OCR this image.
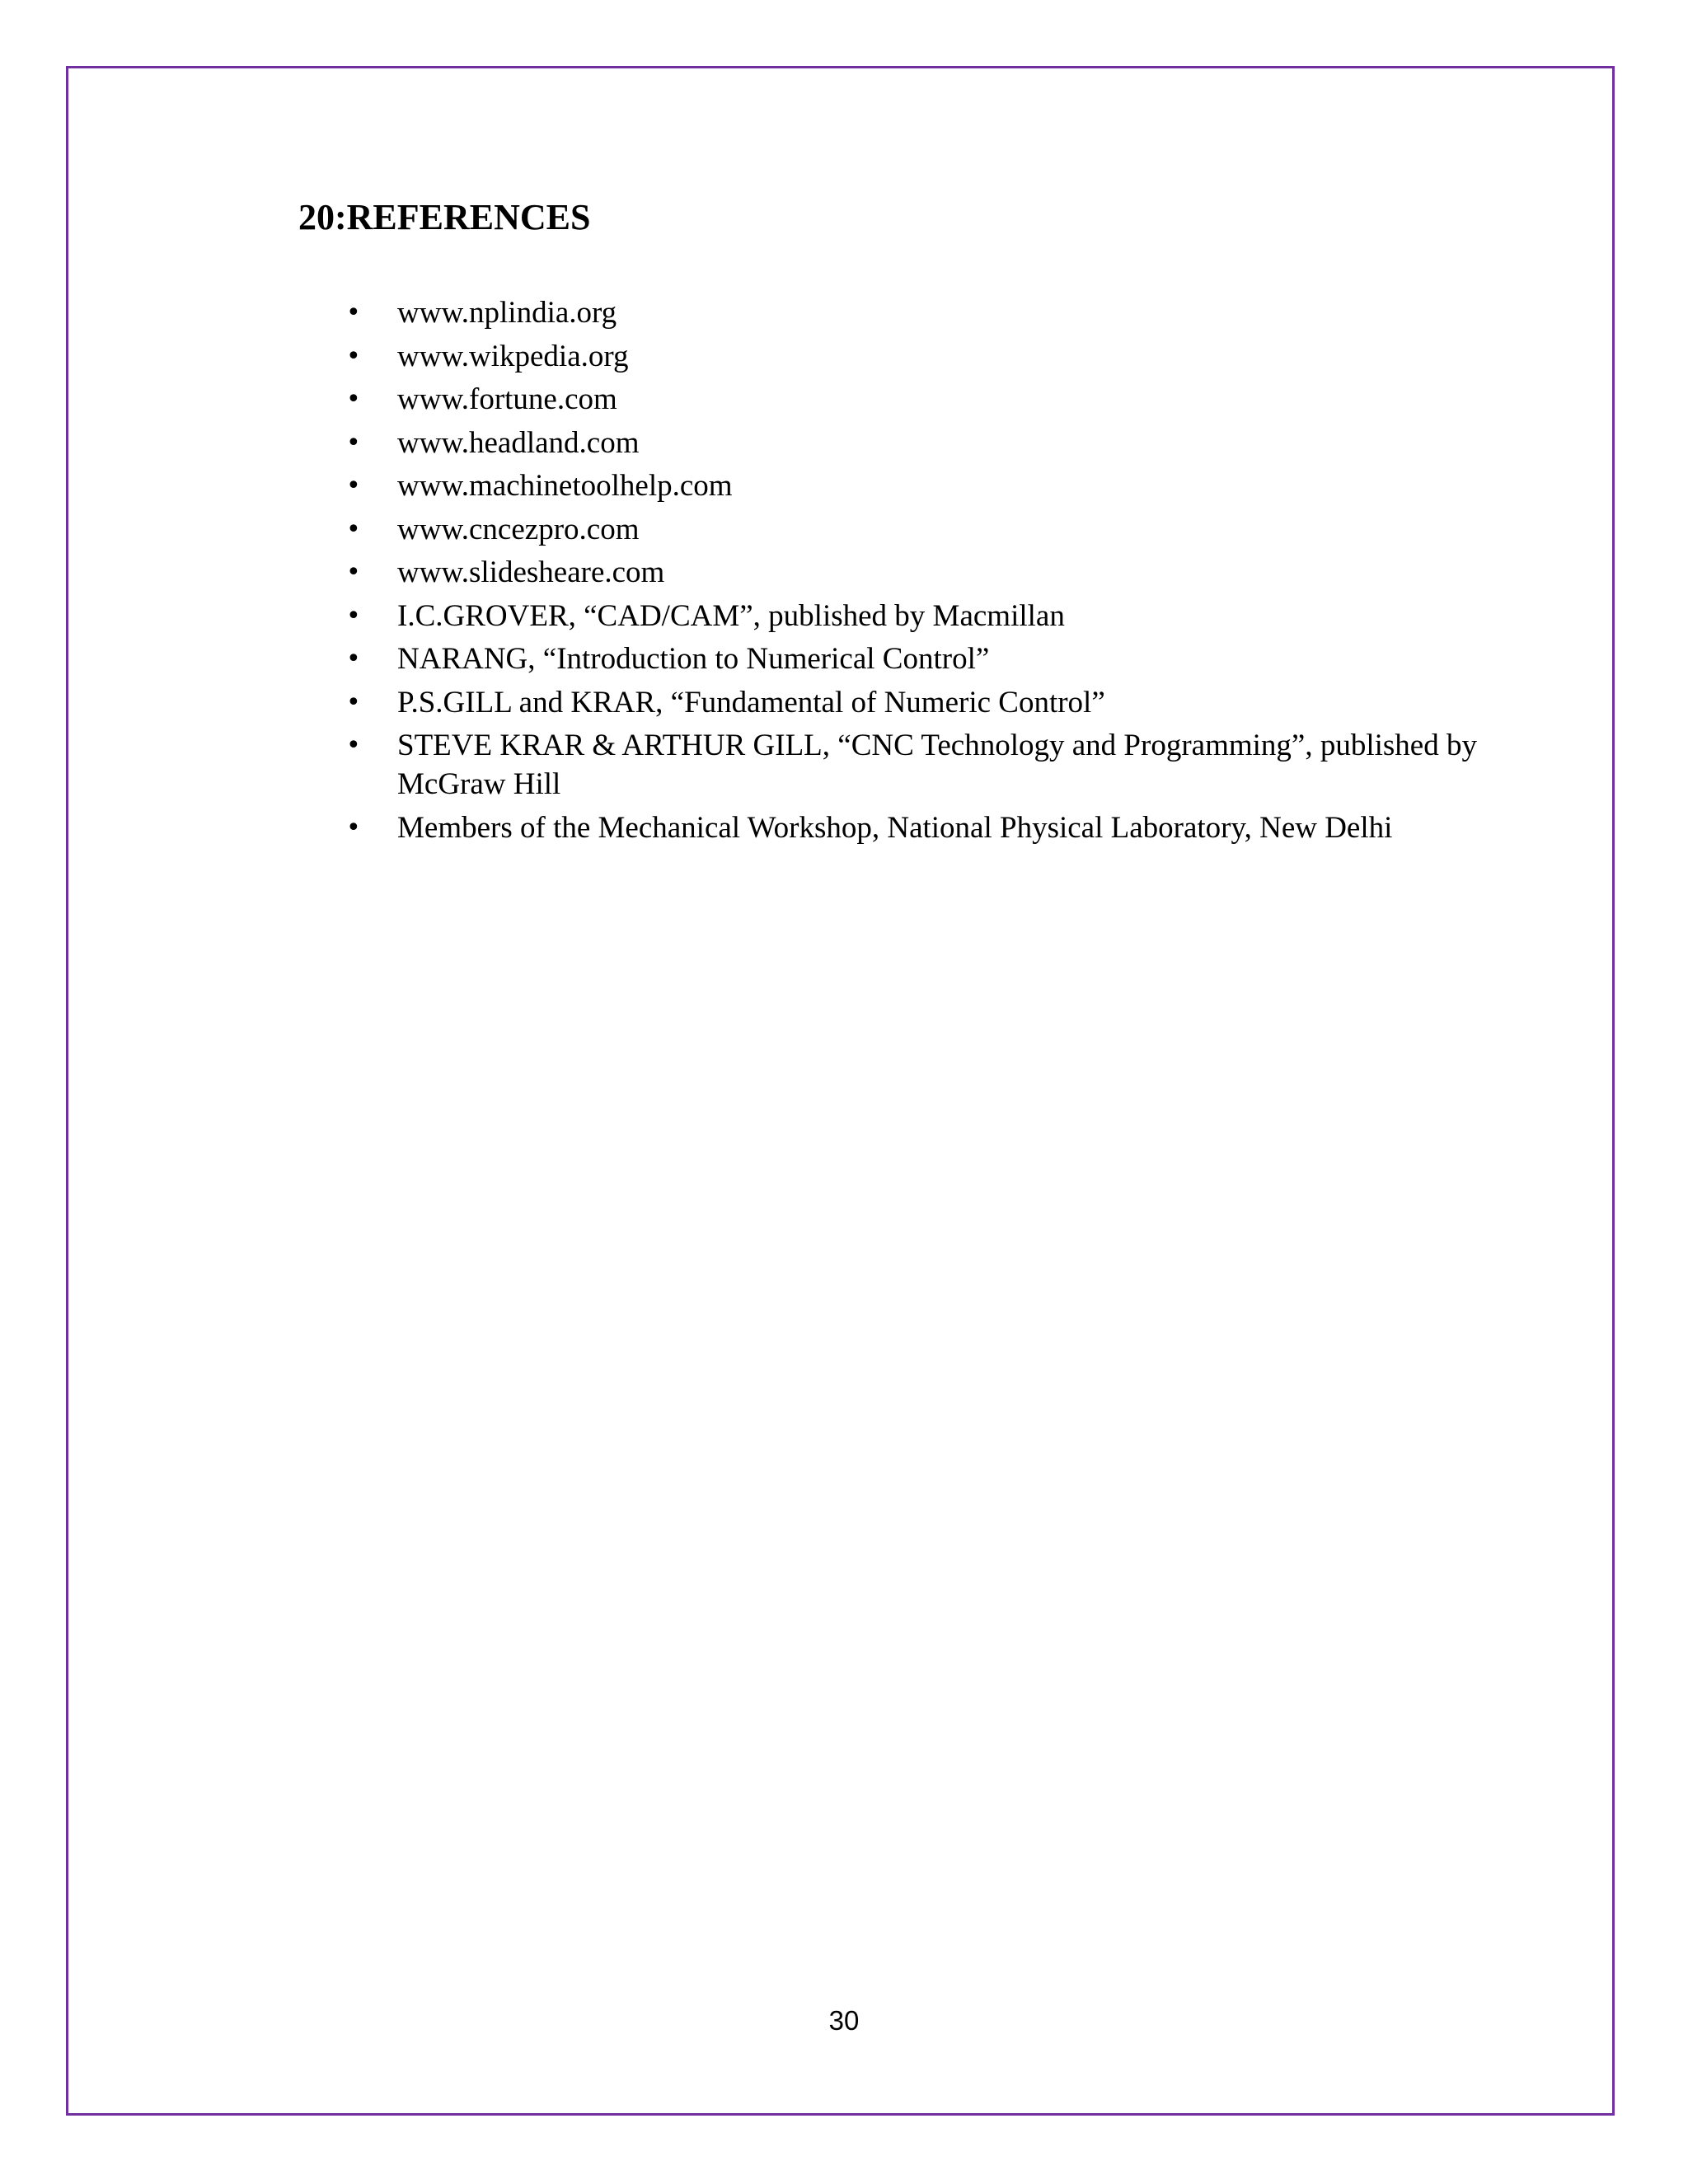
20:REFERENCES
•	www.nplindia.org
•	www.wikpedia.org
•	www.fortune.com
•	www.headland.com
•	www.machinetoolhelp.com
•	www.cncezpro.com
•	www.slidesheare.com
•	I.C.GROVER, “CAD/CAM”, published by Macmillan
•	NARANG, “Introduction to Numerical Control”
•	P.S.GILL and KRAR, “Fundamental of Numeric Control”
•	STEVE KRAR & ARTHUR GILL, “CNC Technology and Programming”, published by McGraw Hill
•	Members of the Mechanical Workshop, National Physical Laboratory, New Delhi
30
